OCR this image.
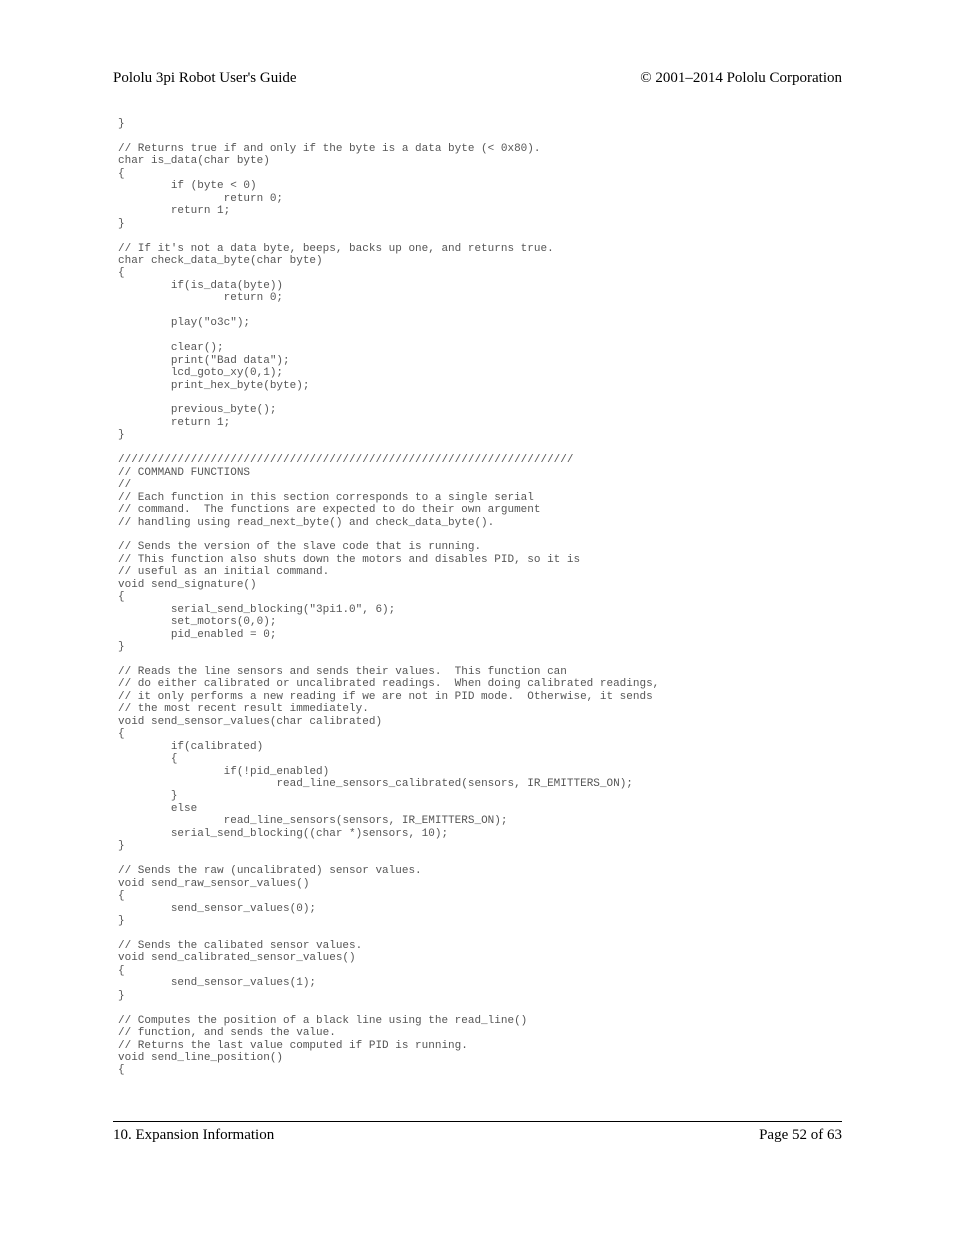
Pololu 3pi Robot User's Guide	© 2001–2014 Pololu Corporation
}

// Returns true if and only if the byte is a data byte (< 0x80).
char is_data(char byte)
{
	if (byte < 0)
		return 0;
	return 1;
}

// If it's not a data byte, beeps, backs up one, and returns true.
char check_data_byte(char byte)
{
	if(is_data(byte))
		return 0;

	play("o3c");

	clear();
	print("Bad data");
	lcd_goto_xy(0,1);
	print_hex_byte(byte);

	previous_byte();
	return 1;
}

/////////////////////////////////////////////////////////////////////
// COMMAND FUNCTIONS
//
// Each function in this section corresponds to a single serial
// command.  The functions are expected to do their own argument
// handling using read_next_byte() and check_data_byte().

// Sends the version of the slave code that is running.
// This function also shuts down the motors and disables PID, so it is
// useful as an initial command.
void send_signature()
{
	serial_send_blocking("3pi1.0", 6);
	set_motors(0,0);
	pid_enabled = 0;
}

// Reads the line sensors and sends their values.  This function can
// do either calibrated or uncalibrated readings.  When doing calibrated readings,
// it only performs a new reading if we are not in PID mode.  Otherwise, it sends
// the most recent result immediately.
void send_sensor_values(char calibrated)
{
	if(calibrated)
	{
		if(!pid_enabled)
			read_line_sensors_calibrated(sensors, IR_EMITTERS_ON);
	}
	else
		read_line_sensors(sensors, IR_EMITTERS_ON);
	serial_send_blocking((char *)sensors, 10);
}

// Sends the raw (uncalibrated) sensor values.
void send_raw_sensor_values()
{
	send_sensor_values(0);
}

// Sends the calibated sensor values.
void send_calibrated_sensor_values()
{
	send_sensor_values(1);
}

// Computes the position of a black line using the read_line()
// function, and sends the value.
// Returns the last value computed if PID is running.
void send_line_position()
{
10. Expansion Information	Page 52 of 63
